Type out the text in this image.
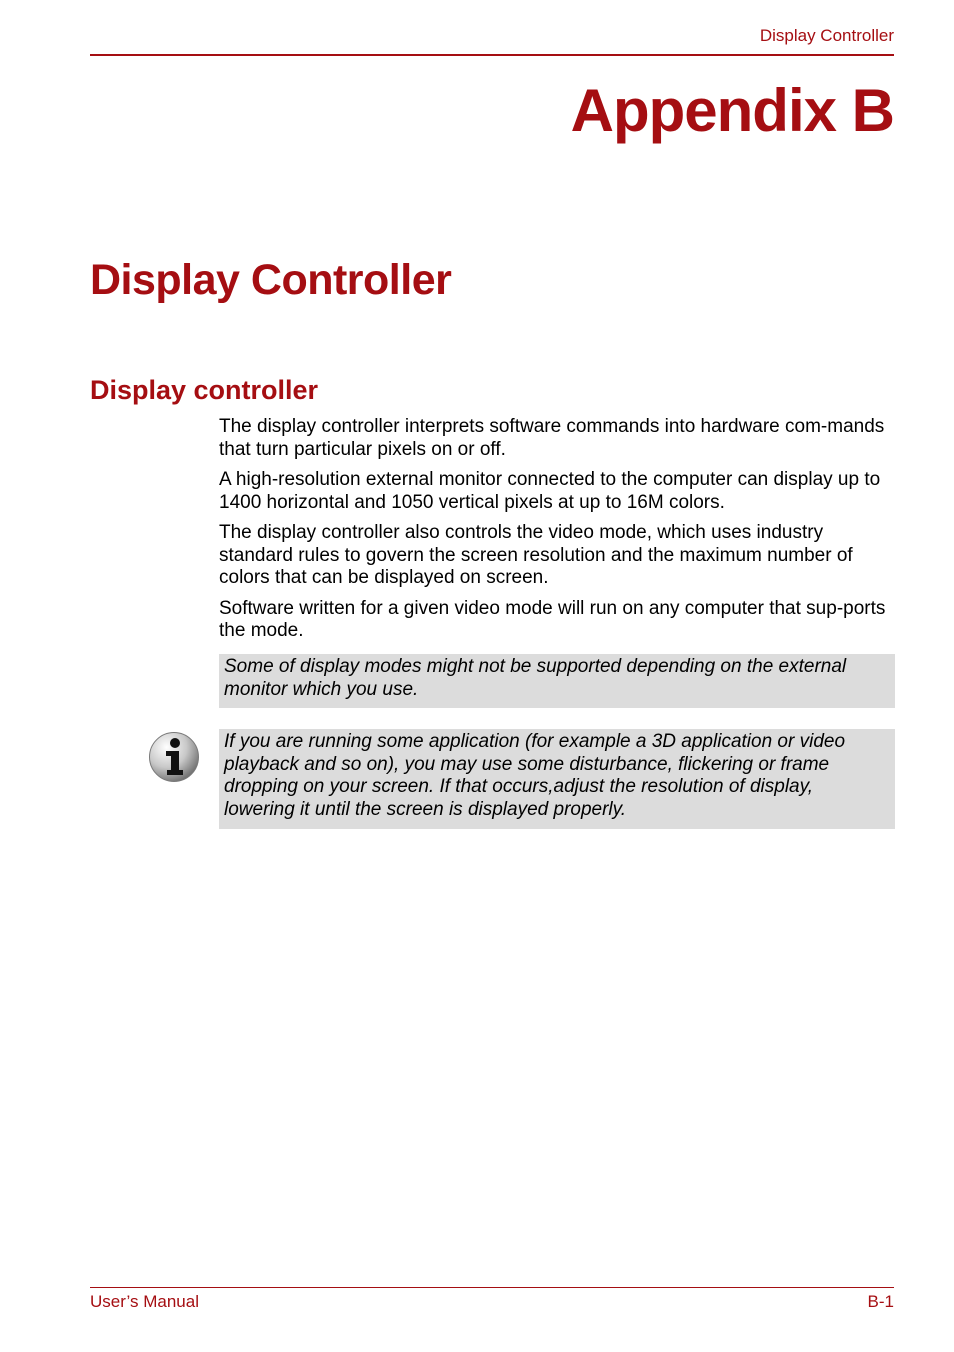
Display Controller
Appendix B
Display Controller
Display controller

The display controller interprets software commands into hardware com-mands that turn particular pixels on or off.

A high-resolution external monitor connected to the computer can display up to 1400 horizontal and 1050 vertical pixels at up to 16M colors.

The display controller also controls the video mode, which uses industry standard rules to govern the screen resolution and the maximum number of colors that can be displayed on screen.

Software written for a given video mode will run on any computer that sup-ports the mode.

Some of display modes might not be supported depending on the external monitor which you use.
If you are running some application (for example a 3D application or video playback and so on), you may use some disturbance, flickering or frame dropping on your screen. If that occurs,adjust the resolution of display, lowering it until the screen is displayed properly.
User’s Manual	B-1
